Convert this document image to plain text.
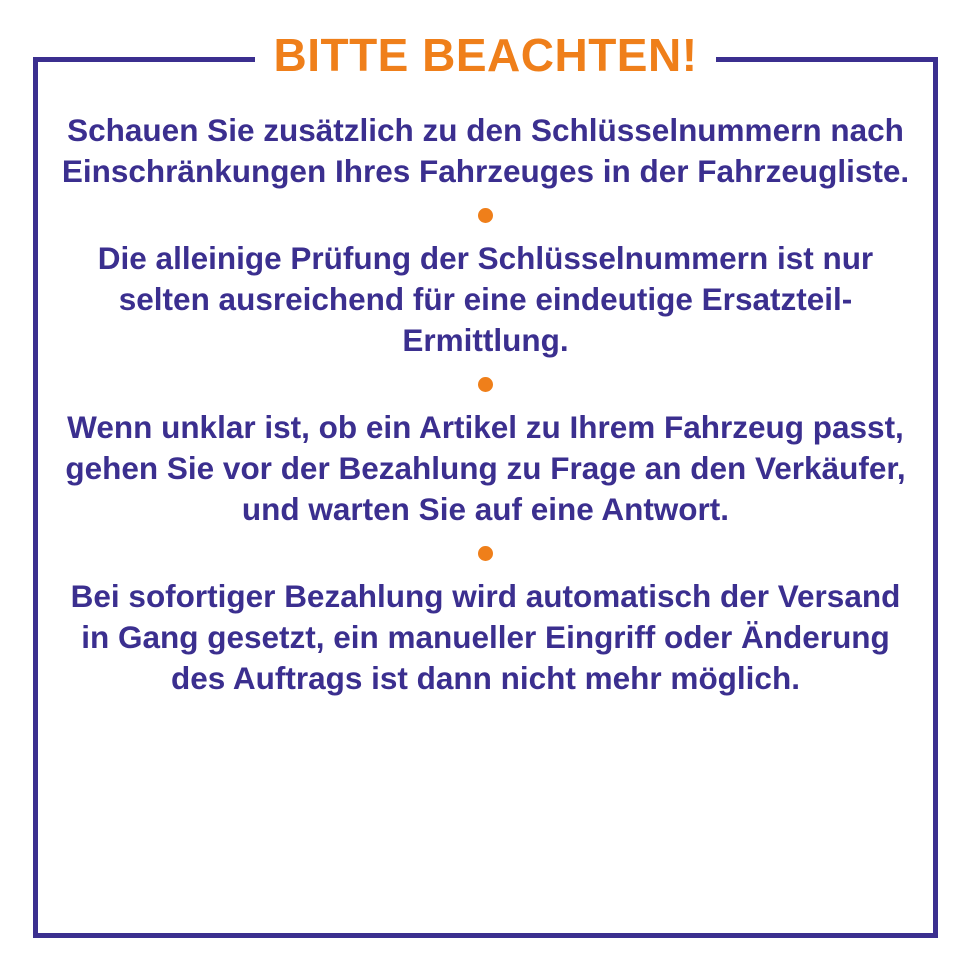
BITTE BEACHTEN!

Schauen Sie zusätzlich zu den Schlüsselnummern nach Einschränkungen Ihres Fahrzeuges in der Fahrzeugliste.

Die alleinige Prüfung der Schlüsselnummern ist nur selten ausreichend für eine eindeutige Ersatzteil-Ermittlung.

Wenn unklar ist, ob ein Artikel zu Ihrem Fahrzeug passt, gehen Sie vor der Bezahlung zu Frage an den Verkäufer, und warten Sie auf eine Antwort.

Bei sofortiger Bezahlung wird automatisch der Versand in Gang gesetzt, ein manueller Eingriff oder Änderung des Auftrags ist dann nicht mehr möglich.
